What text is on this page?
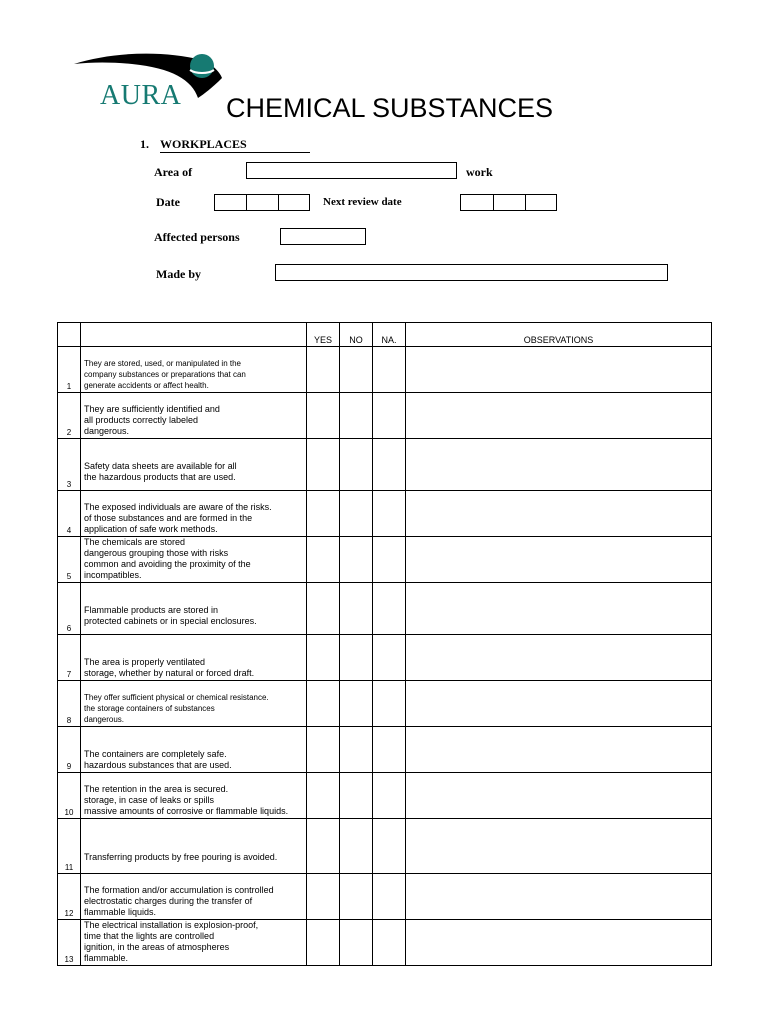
AURA CHEMICAL SUBSTANCES
1. WORKPLACES
Area of	work
Date	Next review date
Affected persons
Made by
		YES	NO	NA.	OBSERVATIONS
1	They are stored, used, or manipulated in the
company substances or preparations that can
generate accidents or affect health.				
2	They are sufficiently identified and
all products correctly labeled
dangerous.				
3	Safety data sheets are available for all
the hazardous products that are used.				
4	The exposed individuals are aware of the risks.
of those substances and are formed in the
application of safe work methods.				
5	The chemicals are stored
dangerous grouping those with risks
common and avoiding the proximity of the
incompatibles.				
6	Flammable products are stored in
protected cabinets or in special enclosures.				
7	The area is properly ventilated
storage, whether by natural or forced draft.				
8	They offer sufficient physical or chemical resistance.
the storage containers of substances
dangerous.				
9	The containers are completely safe.
hazardous substances that are used.				
10	The retention in the area is secured.
storage, in case of leaks or spills
massive amounts of corrosive or flammable liquids.				
11	Transferring products by free pouring is avoided.				
12	The formation and/or accumulation is controlled
electrostatic charges during the transfer of
flammable liquids.				
13	The electrical installation is explosion-proof,
time that the lights are controlled
ignition, in the areas of atmospheres
flammable.				
